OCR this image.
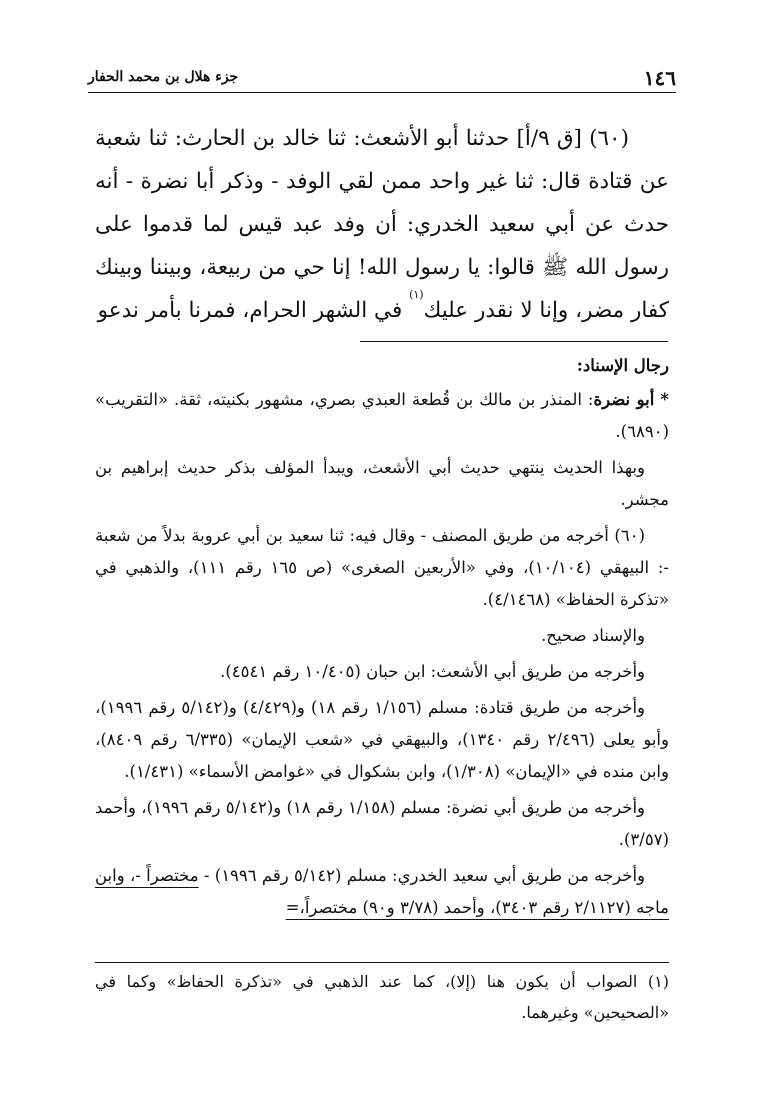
١٤٦
جزء هلال بن محمد الحفار

(٦٠) [ق ٩/أ] حدثنا أبو الأشعث: ثنا خالد بن الحارث: ثنا شعبة عن قتادة قال: ثنا غير واحد ممن لقي الوفد - وذكر أبا نضرة - أنه حدث عن أبي سعيد الخدري: أن وفد عبد قيس لما قدموا على رسول الله ﷺ قالوا: يا رسول الله! إنا حي من ربيعة، وبيننا وبينك كفار مضر، وإنا لا نقدر عليك$^{(١)}$ في الشهر الحرام، فمرنا بأمر ندعو

رجال الإسناد:

* أبو نضرة: المنذر بن مالك بن قُطعة العبدي بصري، مشهور بكنيته، ثقة. «التقريب» (٦٨٩٠).

وبهذا الحديث ينتهي حديث أبي الأشعث، ويبدأ المؤلف بذكر حديث إبراهيم بن مجشر.

(٦٠) أخرجه من طريق المصنف - وقال فيه: ثنا سعيد بن أبي عروبة بدلاً من شعبة -: البيهقي (١٠/١٠٤)، وفي «الأربعين الصغرى» (ص ١٦٥ رقم ١١١)، والذهبي في «تذكرة الحفاظ» (٤/١٤٦٨).

والإسناد صحيح.

وأخرجه من طريق أبي الأشعث: ابن حبان (١٠/٤٠٥ رقم ٤٥٤١).

وأخرجه من طريق قتادة: مسلم (١/١٥٦ رقم ١٨) و(٤/٤٢٩) و(٥/١٤٢ رقم ١٩٩٦)، وأبو يعلى (٢/٤٩٦ رقم ١٣٤٠)، والبيهقي في «شعب الإيمان» (٦/٣٣٥ رقم ٨٤٠٩)، وابن منده في «الإيمان» (١/٣٠٨)، وابن بشكوال في «غوامض الأسماء» (١/٤٣١).

وأخرجه من طريق أبي نضرة: مسلم (١/١٥٨ رقم ١٨) و(٥/١٤٢ رقم ١٩٩٦)، وأحمد (٣/٥٧).

وأخرجه من طريق أبي سعيد الخدري: مسلم (٥/١٤٢ رقم ١٩٩٦) - مختصراً -، وابن ماجه (٢/١١٢٧ رقم ٣٤٠٣)، وأحمد (٣/٧٨ و٩٠) مختصراً،=

(١) الصواب أن يكون هنا (إلا)، كما عند الذهبي في «تذكرة الحفاظ» وكما في «الصحيحين» وغيرهما.
